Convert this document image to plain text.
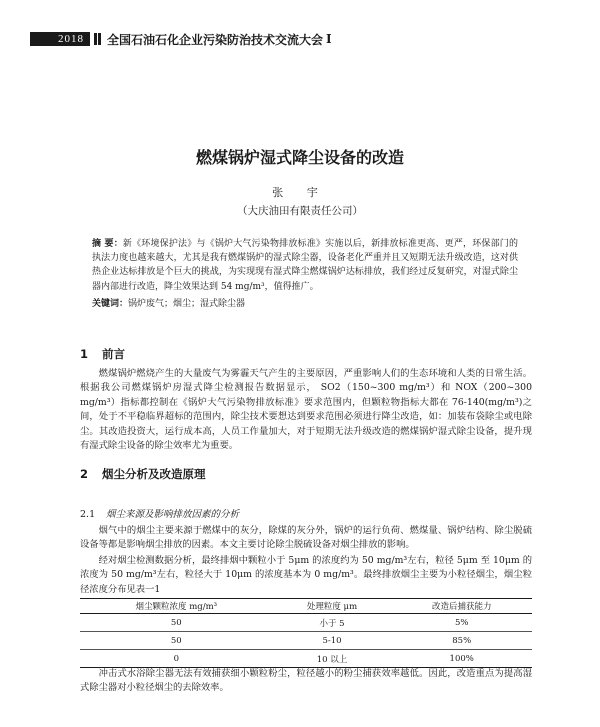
2018	全国石油石化企业污染防治技术交流大会 I
燃煤锅炉湿式降尘设备的改造
张 宇
（大庆油田有限责任公司）
摘 要：新《环境保护法》与《锅炉大气污染物排放标准》实施以后，新排放标准更高、更严，环保部门的执法力度也越来越大，尤其是我有燃煤锅炉的湿式除尘器，设备老化严重并且又短期无法升级改造，这对供热企业达标排放是个巨大的挑战，为实现现有湿式降尘燃煤锅炉达标排放，我们经过反复研究，对湿式除尘器内部进行改造，降尘效果达到 54 mg/m³，值得推广。
关键词：锅炉废气；烟尘；湿式除尘器
1 前言

燃煤锅炉燃烧产生的大量废气为雾霾天气产生的主要原因，严重影响人们的生态环境和人类的日常生活。根据我公司燃煤锅炉房湿式降尘检测报告数据显示， SO2（150~300 mg/m³）和 NOX（200~300 mg/m³）指标都控制在《锅炉大气污染物排放标准》要求范围内，但颗粒物指标大都在 76-140(mg/m³)之间，处于不平稳临界超标的范围内，除尘技术要想达到要求范围必须进行降尘改造，如：加装布袋除尘或电除尘。其改造投资大，运行成本高，人员工作量加大，对于短期无法升级改造的燃煤锅炉湿式除尘设备，提升现有湿式除尘设备的除尘效率尤为重要。

2 烟尘分析及改造原理
2.1 烟尘来源及影响排放因素的分析

烟气中的烟尘主要来源于燃煤中的灰分，除煤的灰分外，锅炉的运行负荷、燃煤量、锅炉结构、除尘脱硫设备等都是影响烟尘排放的因素。本文主要讨论除尘脱硫设备对烟尘排放的影响。

经对烟尘检测数据分析，最终排烟中颗粒小于 5μm 的浓度约为 50 mg/m³左右，粒径 5μm 至 10μm 的浓度为 50 mg/m³左右，粒径大于 10μm 的浓度基本为 0 mg/m³。最终排放烟尘主要为小粒径烟尘，烟尘粒径浓度分布见表一1

烟尘颗粒浓度 mg/m³	处理粒度 μm	改造后捕获能力
50	小于 5	5%
50	5-10	85%
0	10 以上	100%

冲击式水浴除尘器无法有效捕获细小颗粒粉尘，粒径越小的粉尘捕获效率越低。因此，改造重点为提高湿式除尘器对小粒径烟尘的去除效率。
